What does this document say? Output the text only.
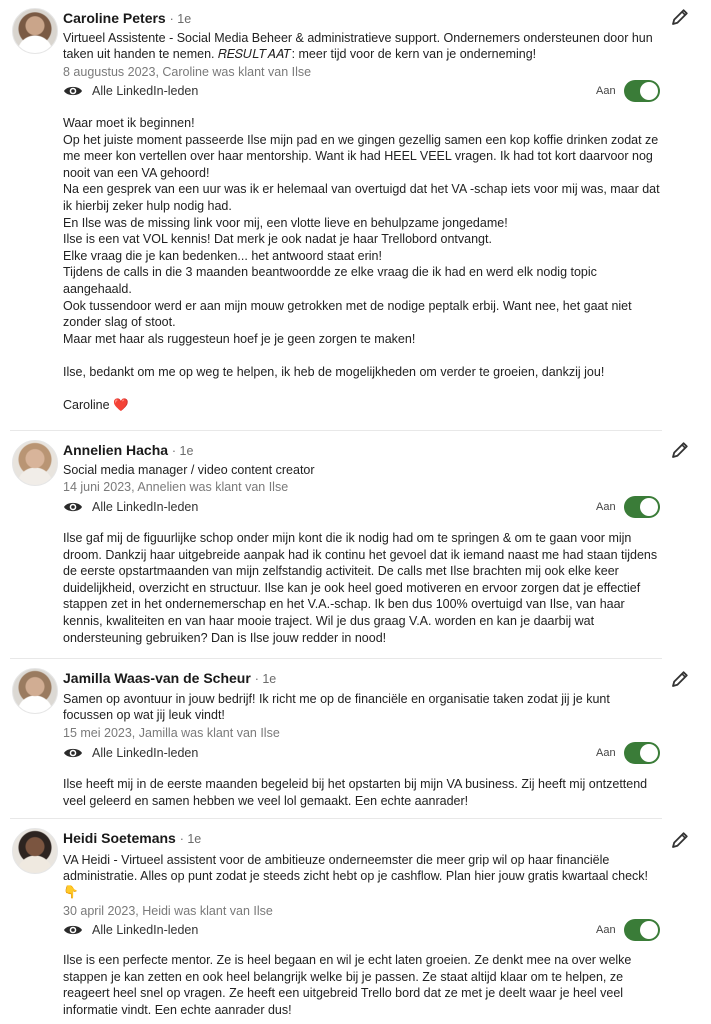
Caroline Peters · 1e
Virtueel Assistente - Social Media Beheer & administratieve support. Ondernemers ondersteunen door hun taken uit handen te nemen. 𝑅𝐸𝑆𝑈𝐿𝑇𝐴𝐴𝑇: meer tijd voor de kern van je onderneming!
8 augustus 2023, Caroline was klant van Ilse
Alle LinkedIn-leden	Aan

Waar moet ik beginnen!

Op het juiste moment passeerde Ilse mijn pad en we gingen gezellig samen een kop koffie drinken zodat ze me meer kon vertellen over haar mentorship. Want ik had HEEL VEEL vragen. Ik had tot kort daarvoor nog nooit van een VA gehoord!

Na een gesprek van een uur was ik er helemaal van overtuigd dat het VA -schap iets voor mij was, maar dat ik hierbij zeker hulp nodig had.

En Ilse was de missing link voor mij, een vlotte lieve en behulpzame jongedame!

Ilse is een vat VOL kennis! Dat merk je ook nadat je haar Trellobord ontvangt.

Elke vraag die je kan bedenken... het antwoord staat erin!

Tijdens de calls in die 3 maanden beantwoordde ze elke vraag die ik had en werd elk nodig topic aangehaald.

Ook tussendoor werd er aan mijn mouw getrokken met de nodige peptalk erbij. Want nee, het gaat niet zonder slag of stoot.

Maar met haar als ruggesteun hoef je je geen zorgen te maken!

Ilse, bedankt om me op weg te helpen, ik heb de mogelijkheden om verder te groeien, dankzij jou!

Caroline ❤️

Annelien Hacha · 1e
Social media manager / video content creator
14 juni 2023, Annelien was klant van Ilse
Alle LinkedIn-leden	Aan
Ilse gaf mij de figuurlijke schop onder mijn kont die ik nodig had om te springen & om te gaan voor mijn droom. Dankzij haar uitgebreide aanpak had ik continu het gevoel dat ik iemand naast me had staan tijdens de eerste opstartmaanden van mijn zelfstandig activiteit. De calls met Ilse brachten mij ook elke keer duidelijkheid, overzicht en structuur. Ilse kan je ook heel goed motiveren en ervoor zorgen dat je effectief stappen zet in het ondernemerschap en het V.A.-schap. Ik ben dus 100% overtuigd van Ilse, van haar kennis, kwaliteiten en van haar mooie traject. Wil je dus graag V.A. worden en kan je daarbij wat ondersteuning gebruiken? Dan is Ilse jouw redder in nood!
Jamilla Waas-van de Scheur · 1e
Samen op avontuur in jouw bedrijf! Ik richt me op de financiële en organisatie taken zodat jij je kunt focussen op wat jij leuk vindt!
15 mei 2023, Jamilla was klant van Ilse
Alle LinkedIn-leden	Aan
Ilse heeft mij in de eerste maanden begeleid bij het opstarten bij mijn VA business. Zij heeft mij ontzettend veel geleerd en samen hebben we veel lol gemaakt. Een echte aanrader!
Heidi Soetemans · 1e
VA Heidi - Virtueel assistent voor de ambitieuze onderneemster die meer grip wil op haar financiële administratie. Alles op punt zodat je steeds zicht hebt op je cashflow. Plan hier jouw gratis kwartaal check! 👇
30 april 2023, Heidi was klant van Ilse
Alle LinkedIn-leden	Aan
Ilse is een perfecte mentor. Ze is heel begaan en wil je echt laten groeien. Ze denkt mee na over welke stappen je kan zetten en ook heel belangrijk welke bij je passen. Ze staat altijd klaar om te helpen, ze reageert heel snel op vragen. Ze heeft een uitgebreid Trello bord dat ze met je deelt waar je heel veel informatie vindt. Een echte aanrader dus!
